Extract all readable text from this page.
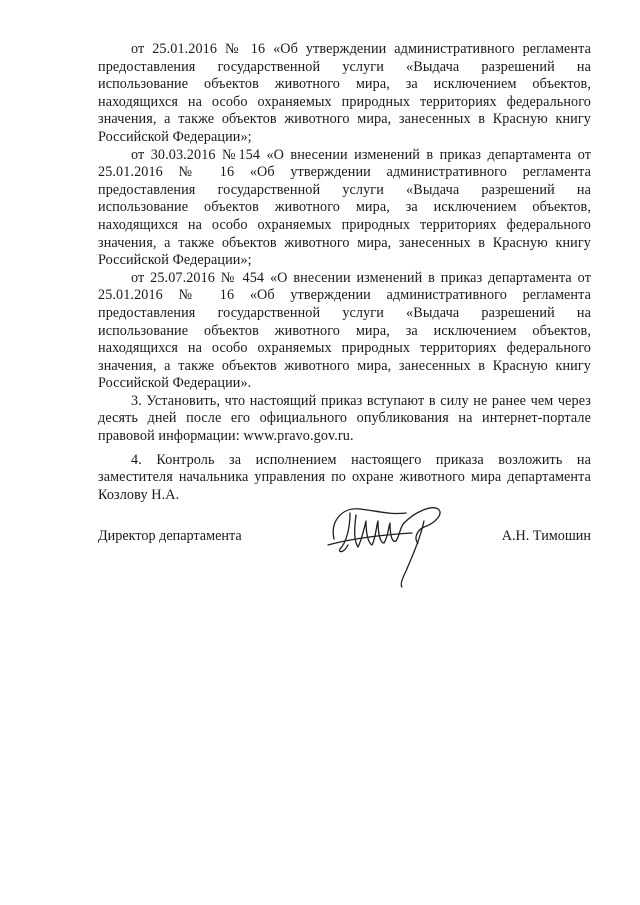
от 25.01.2016 № 16 «Об утверждении административного регламента предоставления государственной услуги «Выдача разрешений на использование объектов животного мира, за исключением объектов, находящихся на особо охраняемых природных территориях федерального значения, а также объектов животного мира, занесенных в Красную книгу Российской Федерации»;

от 30.03.2016 №154 «О внесении изменений в приказ департамента от 25.01.2016 № 16 «Об утверждении административного регламента предоставления государственной услуги «Выдача разрешений на использование объектов животного мира, за исключением объектов, находящихся на особо охраняемых природных территориях федерального значения, а также объектов животного мира, занесенных в Красную книгу Российской Федерации»;

от 25.07.2016 № 454 «О внесении изменений в приказ департамента от 25.01.2016 № 16 «Об утверждении административного регламента предоставления государственной услуги «Выдача разрешений на использование объектов животного мира, за исключением объектов, находящихся на особо охраняемых природных территориях федерального значения, а также объектов животного мира, занесенных в Красную книгу Российской Федерации».

3. Установить, что настоящий приказ вступают в силу не ранее чем через десять дней после его официального опубликования на интернет-портале правовой информации: www.pravo.gov.ru.

4. Контроль за исполнением настоящего приказа возложить на заместителя начальника управления по охране животного мира департамента Козлову Н.А.

Директор департамента	А.Н. Тимошин
